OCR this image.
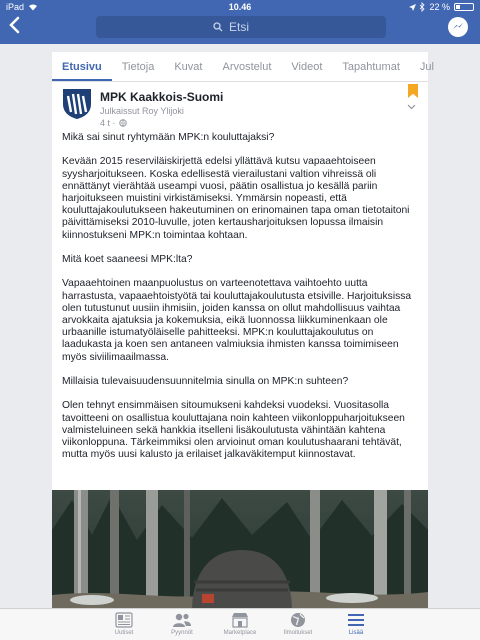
iPad	10.46	22 %
Etsi
Etusivu	Tietoja	Kuvat	Arvostelut	Videot	Tapahtumat	Jul
MPK Kaakkois-Suomi
Julkaissut Roy Ylijoki
4 t ·

Mikä sai sinut ryhtymään MPK:n kouluttajaksi?

Kevään 2015 reserviläiskirjettä edelsi yllättävä kutsu vapaaehtoiseen syysharjoitukseen. Koska edellisestä vierailustani valtion vihreissä oli ennättänyt vierähtää useampi vuosi, päätin osallistua jo kesällä pariin harjoitukseen muistini virkistämiseksi. Ymmärsin nopeasti, että kouluttajakoulutukseen hakeutuminen on erinomainen tapa oman tietotaitoni päivittämiseksi 2010-luvulle, joten kertausharjoituksen lopussa ilmaisin kiinnostukseni MPK:n toimintaa kohtaan.

Mitä koet saaneesi MPK:lta?

Vapaaehtoinen maanpuolustus on varteenotettava vaihtoehto uutta harrastusta, vapaaehtoistyötä tai kouluttajakoulutusta etsiville. Harjoituksissa olen tutustunut uusiin ihmisiin, joiden kanssa on ollut mahdollisuus vaihtaa arvokkaita ajatuksia ja kokemuksia, eikä luonnossa liikkuminenkaan ole urbaanille istumatyöläiselle pahitteeksi. MPK:n kouluttajakoulutus on laadukasta ja koen sen antaneen valmiuksia ihmisten kanssa toimimiseen myös siviilimaailmassa.

Millaisia tulevaisuudensuunnitelmia sinulla on MPK:n suhteen?

Olen tehnyt ensimmäisen sitoumukseni kahdeksi vuodeksi. Vuositasolla tavoitteeni on osallistua kouluttajana noin kahteen viikonloppuharjoitukseen valmisteluineen sekä hankkia itselleni lisäkoulutusta vähintään kahtena viikonloppuna. Tärkeimmiksi olen arvioinut oman koulutushaarani tehtävät, mutta myös uusi kalusto ja erilaiset jalkaväkitemput kiinnostavat.

Uutiset	Pyynnöt	Marketplace	Ilmoitukset	Lisää
